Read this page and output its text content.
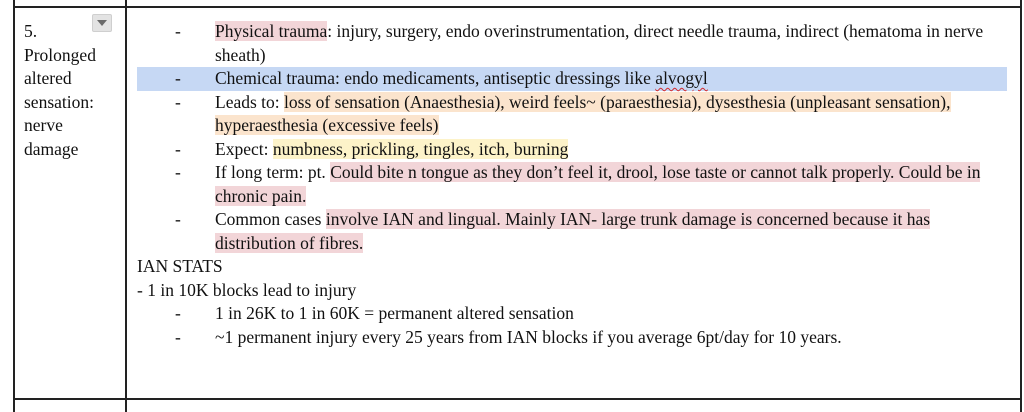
5.
Prolonged
altered
sensation:
nerve
damage
-	Physical trauma: injury, surgery, endo overinstrumentation, direct needle trauma, indirect (hematoma in nerve sheath)
-	Chemical trauma: endo medicaments, antiseptic dressings like alvogyl
-	Leads to: loss of sensation (Anaesthesia), weird feels~ (paraesthesia), dysesthesia (unpleasant sensation), hyperaesthesia (excessive feels)
-	Expect: numbness, prickling, tingles, itch, burning
-	If long term: pt. Could bite n tongue as they don’t feel it, drool, lose taste or cannot talk properly. Could be in chronic pain.
-	Common cases involve IAN and lingual. Mainly IAN- large trunk damage is concerned because it has distribution of fibres.
IAN STATS
- 1 in 10K blocks lead to injury
-	1 in 26K to 1 in 60K = permanent altered sensation
-	~1 permanent injury every 25 years from IAN blocks if you average 6pt/day for 10 years.
